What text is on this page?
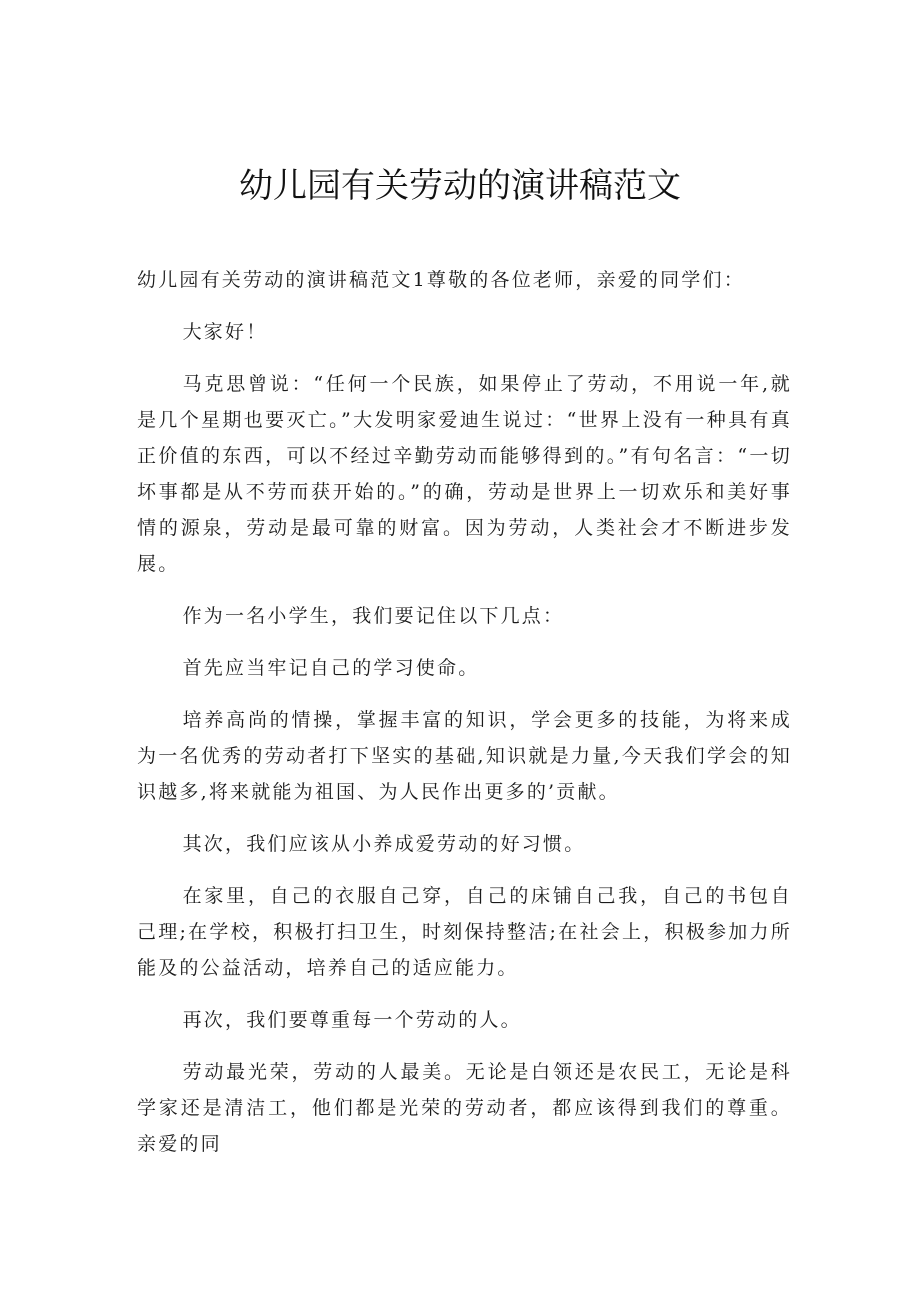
幼儿园有关劳动的演讲稿范文

幼儿园有关劳动的演讲稿范文1尊敬的各位老师，亲爱的同学们：

大家好！

马克思曾说：“任何一个民族，如果停止了劳动，不用说一年,就是几个星期也要灭亡。”大发明家爱迪生说过：“世界上没有一种具有真正价值的东西，可以不经过辛勤劳动而能够得到的。”有句名言：“一切坏事都是从不劳而获开始的。”的确，劳动是世界上一切欢乐和美好事情的源泉，劳动是最可靠的财富。因为劳动，人类社会才不断进步发展。

作为一名小学生，我们要记住以下几点：

首先应当牢记自己的学习使命。

培养高尚的情操，掌握丰富的知识，学会更多的技能，为将来成为一名优秀的劳动者打下坚实的基础,知识就是力量,今天我们学会的知识越多,将来就能为祖国、为人民作出更多的’贡献。

其次，我们应该从小养成爱劳动的好习惯。

在家里，自己的衣服自己穿，自己的床铺自己我，自己的书包自己理;在学校，积极打扫卫生，时刻保持整洁;在社会上，积极参加力所能及的公益活动，培养自己的适应能力。

再次，我们要尊重每一个劳动的人。

劳动最光荣，劳动的人最美。无论是白领还是农民工，无论是科学家还是清洁工，他们都是光荣的劳动者，都应该得到我们的尊重。亲爱的同
